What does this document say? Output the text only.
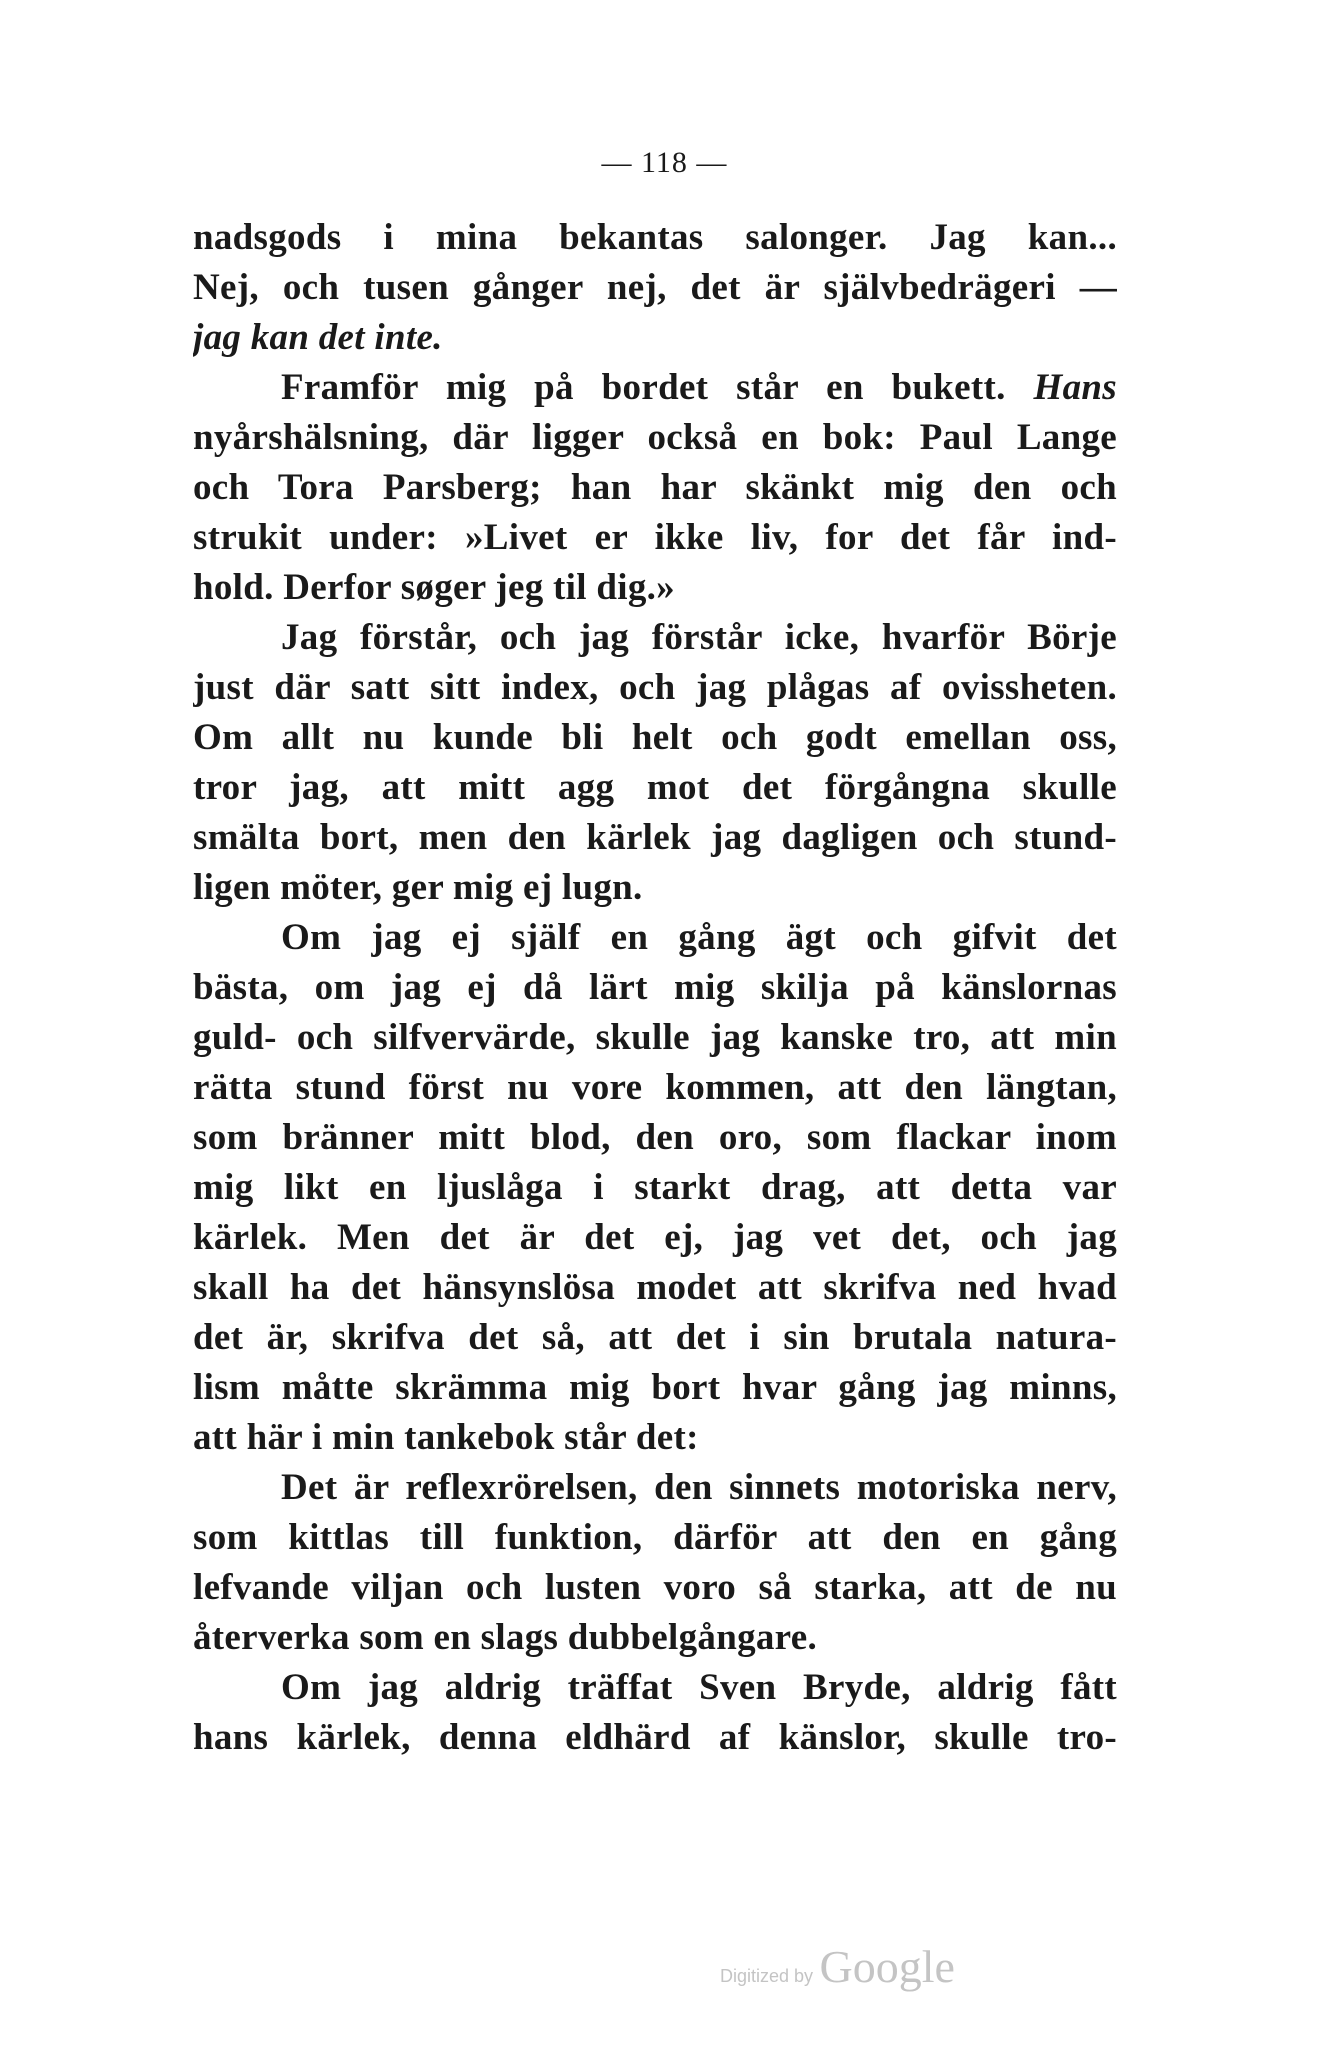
— 118 —
nadsgods i mina bekantas salonger. Jag kan...
Nej, och tusen gånger nej, det är självbedrägeri —
jag kan det inte.
Framför mig på bordet står en bukett. Hans
nyårshälsning, där ligger också en bok: Paul Lange
och Tora Parsberg; han har skänkt mig den och
strukit under: »Livet er ikke liv, for det får ind-
hold. Derfor søger jeg til dig.»
Jag förstår, och jag förstår icke, hvarför Börje
just där satt sitt index, och jag plågas af ovissheten.
Om allt nu kunde bli helt och godt emellan oss,
tror jag, att mitt agg mot det förgångna skulle
smälta bort, men den kärlek jag dagligen och stund-
ligen möter, ger mig ej lugn.
Om jag ej själf en gång ägt och gifvit det
bästa, om jag ej då lärt mig skilja på känslornas
guld- och silfvervärde, skulle jag kanske tro, att min
rätta stund först nu vore kommen, att den längtan,
som bränner mitt blod, den oro, som flackar inom
mig likt en ljuslåga i starkt drag, att detta var
kärlek. Men det är det ej, jag vet det, och jag
skall ha det hänsynslösa modet att skrifva ned hvad
det är, skrifva det så, att det i sin brutala natura-
lism måtte skrämma mig bort hvar gång jag minns,
att här i min tankebok står det:
Det är reflexrörelsen, den sinnets motoriska nerv,
som kittlas till funktion, därför att den en gång
lefvande viljan och lusten voro så starka, att de nu
återverka som en slags dubbelgångare.
Om jag aldrig träffat Sven Bryde, aldrig fått
hans kärlek, denna eldhärd af känslor, skulle tro-
Digitized by Google
